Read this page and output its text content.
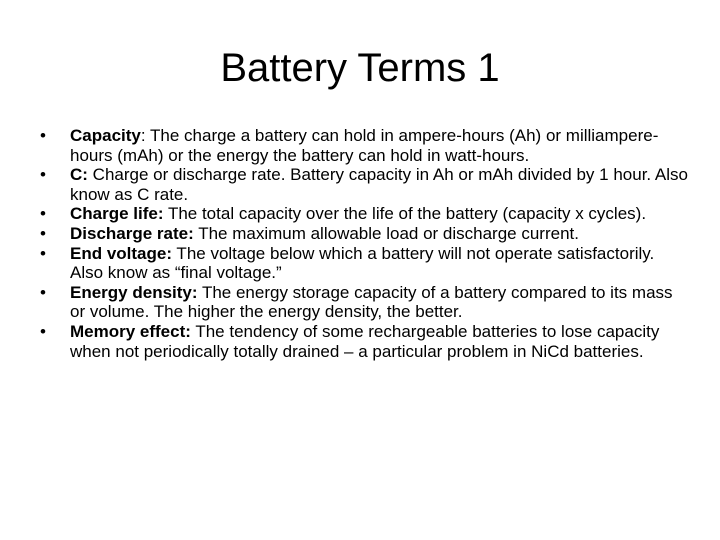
Battery Terms 1
•	Capacity: The charge a battery can hold in ampere-hours (Ah) or milliampere-hours (mAh) or the energy the battery can hold in watt-hours.
•	C: Charge or discharge rate. Battery capacity in Ah or mAh divided by 1 hour. Also know as C rate.
•	Charge life: The total capacity over the life of the battery (capacity x cycles).
•	Discharge rate: The maximum allowable load or discharge current.
•	End voltage: The voltage below which a battery will not operate satisfactorily. Also know as “final voltage.”
•	Energy density: The energy storage capacity of a battery compared to its mass or volume. The higher the energy density, the better.
•	Memory effect: The tendency of some rechargeable batteries to lose capacity when not periodically totally drained – a particular problem in NiCd batteries.
